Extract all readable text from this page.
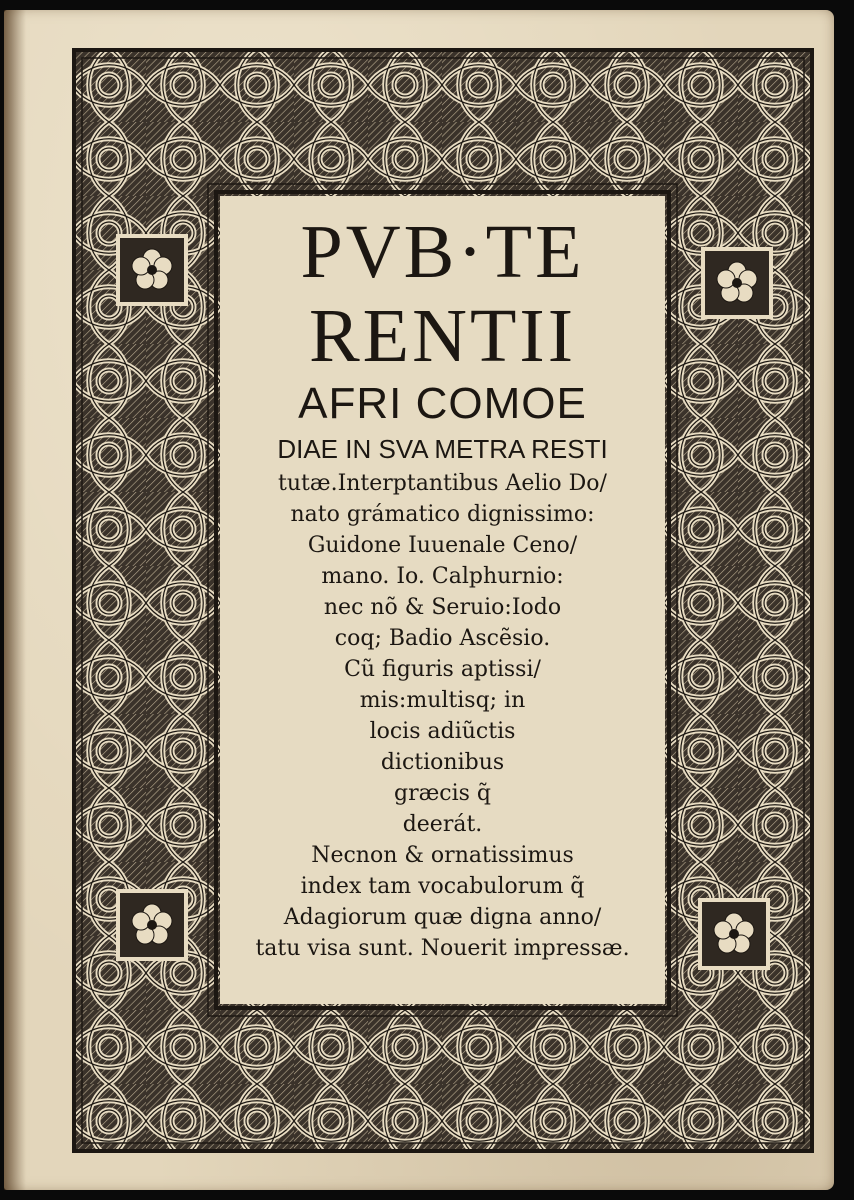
PVB·TE
RENTII
AFRI COMOE
DIAE IN SVA METRA RESTI
tutæ.Interptantibus Aelio Do/
nato grámatico dignissimo:
Guidone Iuuenale Ceno/
mano. Io. Calphurnio:
nec nõ & Seruio:Iodo
coq; Badio Ascẽsio.
Cũ figuris aptissi/
mis:multisq; in
locis adiũctis
dictionibus
græcis q̃
deerát.
Necnon & ornatissimus
index tam vocabulorum q̃
Adagiorum quæ digna anno/
tatu visa sunt. Nouerit impressæ.
